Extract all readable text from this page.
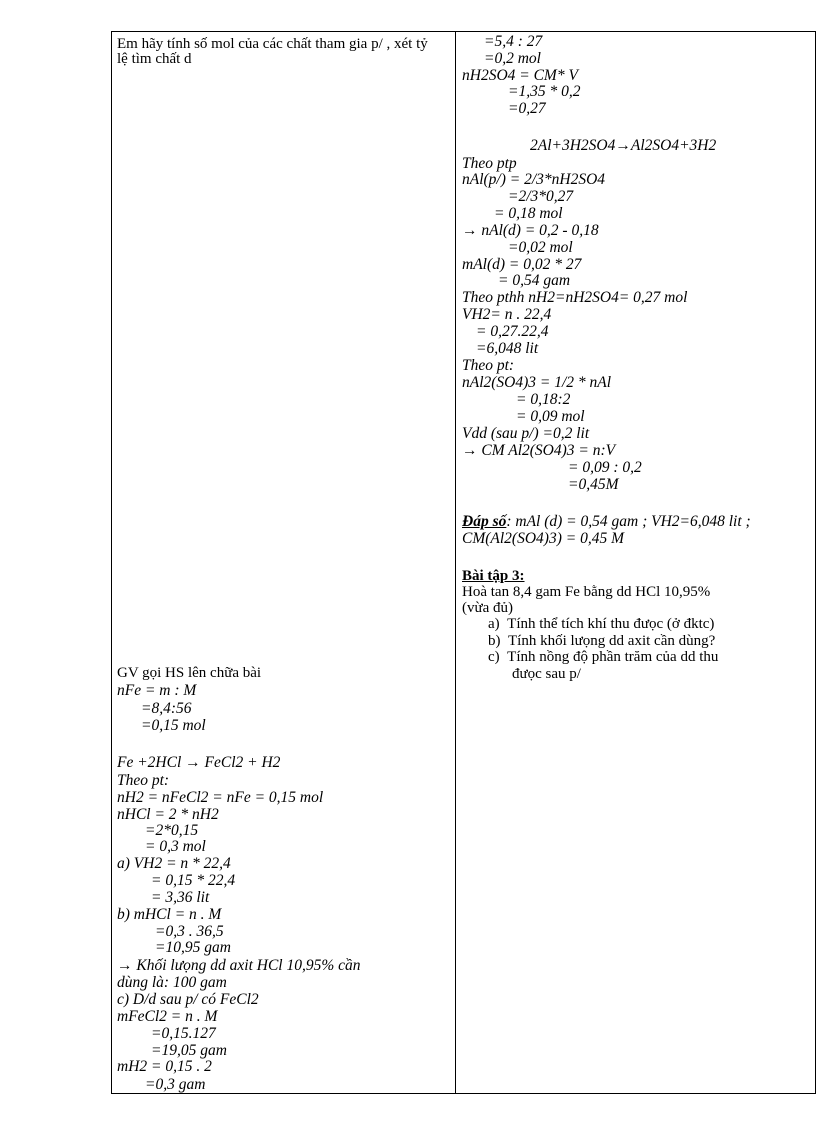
Em hãy tính số mol của các chất tham gia p/ , xét tỷ lệ tìm chất d
GV gọi HS lên chữa bài
nFe = m : M
=8,4:56
=0,15 mol
Fe +2HCl → FeCl2 + H2
Theo pt:
nH2 = nFeCl2 = nFe = 0,15 mol
nHCl = 2 * nH2
=2*0,15
= 0,3 mol
a) VH2 = n * 22,4
= 0,15 * 22,4
= 3,36 lit
b) mHCl = n . M
=0,3 . 36,5
=10,95 gam
→ Khối lưọng dd axit HCl 10,95% cần
dùng là: 100 gam
c) D/d sau p/ có FeCl2
mFeCl2 = n . M
=0,15.127
=19,05 gam
mH2 = 0,15 . 2
=0,3 gam
=5,4 : 27
=0,2 mol
nH2SO4 = CM* V
=1,35 * 0,2
=0,27
2Al+3H2SO4→Al2SO4+3H2
Theo ptp
nAl(p/) = 2/3*nH2SO4
=2/3*0,27
= 0,18 mol
→ nAl(d) = 0,2 - 0,18
=0,02 mol
mAl(d) = 0,02 * 27
= 0,54 gam
Theo pthh nH2=nH2SO4= 0,27 mol
VH2= n . 22,4
= 0,27.22,4
=6,048 lit
Theo pt:
nAl2(SO4)3 = 1/2 * nAl
= 0,18:2
= 0,09 mol
Vdd (sau p/) =0,2 lit
→ CM Al2(SO4)3 = n:V
= 0,09 : 0,2
=0,45M
Đáp số: mAl (d) = 0,54 gam ; VH2=6,048 lit ;
CM(Al2(SO4)3) = 0,45 M
Bài tập 3:
Hoà tan 8,4 gam Fe bằng dd HCl 10,95%
(vừa đủ)
a) Tính thể tích khí thu đưọc (ở đktc)
b) Tính khối lưọng dd axit cần dùng?
c) Tính nồng độ phần trăm của dd thu
đưọc sau p/
